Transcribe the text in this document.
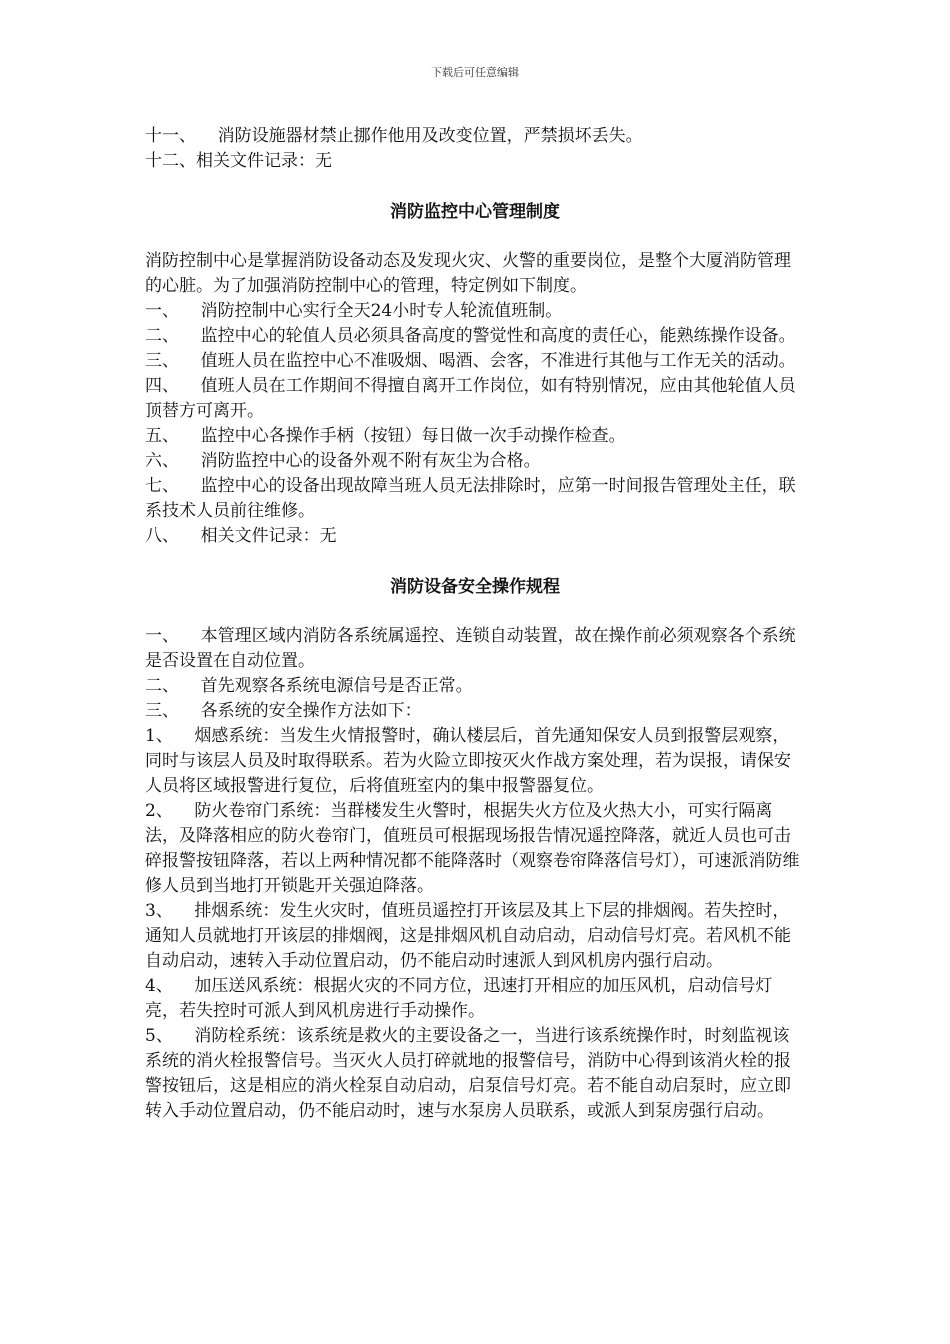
下载后可任意编辑

十一、    消防设施器材禁止挪作他用及改变位置，严禁损坏丢失。

十二、相关文件记录：无

消防监控中心管理制度

消防控制中心是掌握消防设备动态及发现火灾、火警的重要岗位，是整个大厦消防管理的心脏。为了加强消防控制中心的管理，特定例如下制度。

一、    消防控制中心实行全天24小时专人轮流值班制。

二、    监控中心的轮值人员必须具备高度的警觉性和高度的责任心，能熟练操作设备。

三、    值班人员在监控中心不准吸烟、喝酒、会客，不准进行其他与工作无关的活动。

四、    值班人员在工作期间不得擅自离开工作岗位，如有特别情况，应由其他轮值人员顶替方可离开。

五、    监控中心各操作手柄（按钮）每日做一次手动操作检查。

六、    消防监控中心的设备外观不附有灰尘为合格。

七、    监控中心的设备出现故障当班人员无法排除时，应第一时间报告管理处主任，联系技术人员前往维修。

八、    相关文件记录：无

消防设备安全操作规程

一、    本管理区域内消防各系统属遥控、连锁自动装置，故在操作前必须观察各个系统是否设置在自动位置。

二、    首先观察各系统电源信号是否正常。

三、    各系统的安全操作方法如下：

1、    烟感系统：当发生火情报警时，确认楼层后，首先通知保安人员到报警层观察，同时与该层人员及时取得联系。若为火险立即按灭火作战方案处理，若为误报，请保安人员将区域报警进行复位，后将值班室内的集中报警器复位。

2、    防火卷帘门系统：当群楼发生火警时，根据失火方位及火热大小，可实行隔离法，及降落相应的防火卷帘门，值班员可根据现场报告情况遥控降落，就近人员也可击碎报警按钮降落，若以上两种情况都不能降落时（观察卷帘降落信号灯），可速派消防维修人员到当地打开锁匙开关强迫降落。

3、    排烟系统：发生火灾时，值班员遥控打开该层及其上下层的排烟阀。若失控时，通知人员就地打开该层的排烟阀，这是排烟风机自动启动，启动信号灯亮。若风机不能自动启动，速转入手动位置启动，仍不能启动时速派人到风机房内强行启动。

4、    加压送风系统：根据火灾的不同方位，迅速打开相应的加压风机，启动信号灯亮，若失控时可派人到风机房进行手动操作。

5、    消防栓系统：该系统是救火的主要设备之一，当进行该系统操作时，时刻监视该系统的消火栓报警信号。当灭火人员打碎就地的报警信号，消防中心得到该消火栓的报警按钮后，这是相应的消火栓泵自动启动，启泵信号灯亮。若不能自动启泵时，应立即转入手动位置启动，仍不能启动时，速与水泵房人员联系，或派人到泵房强行启动。
